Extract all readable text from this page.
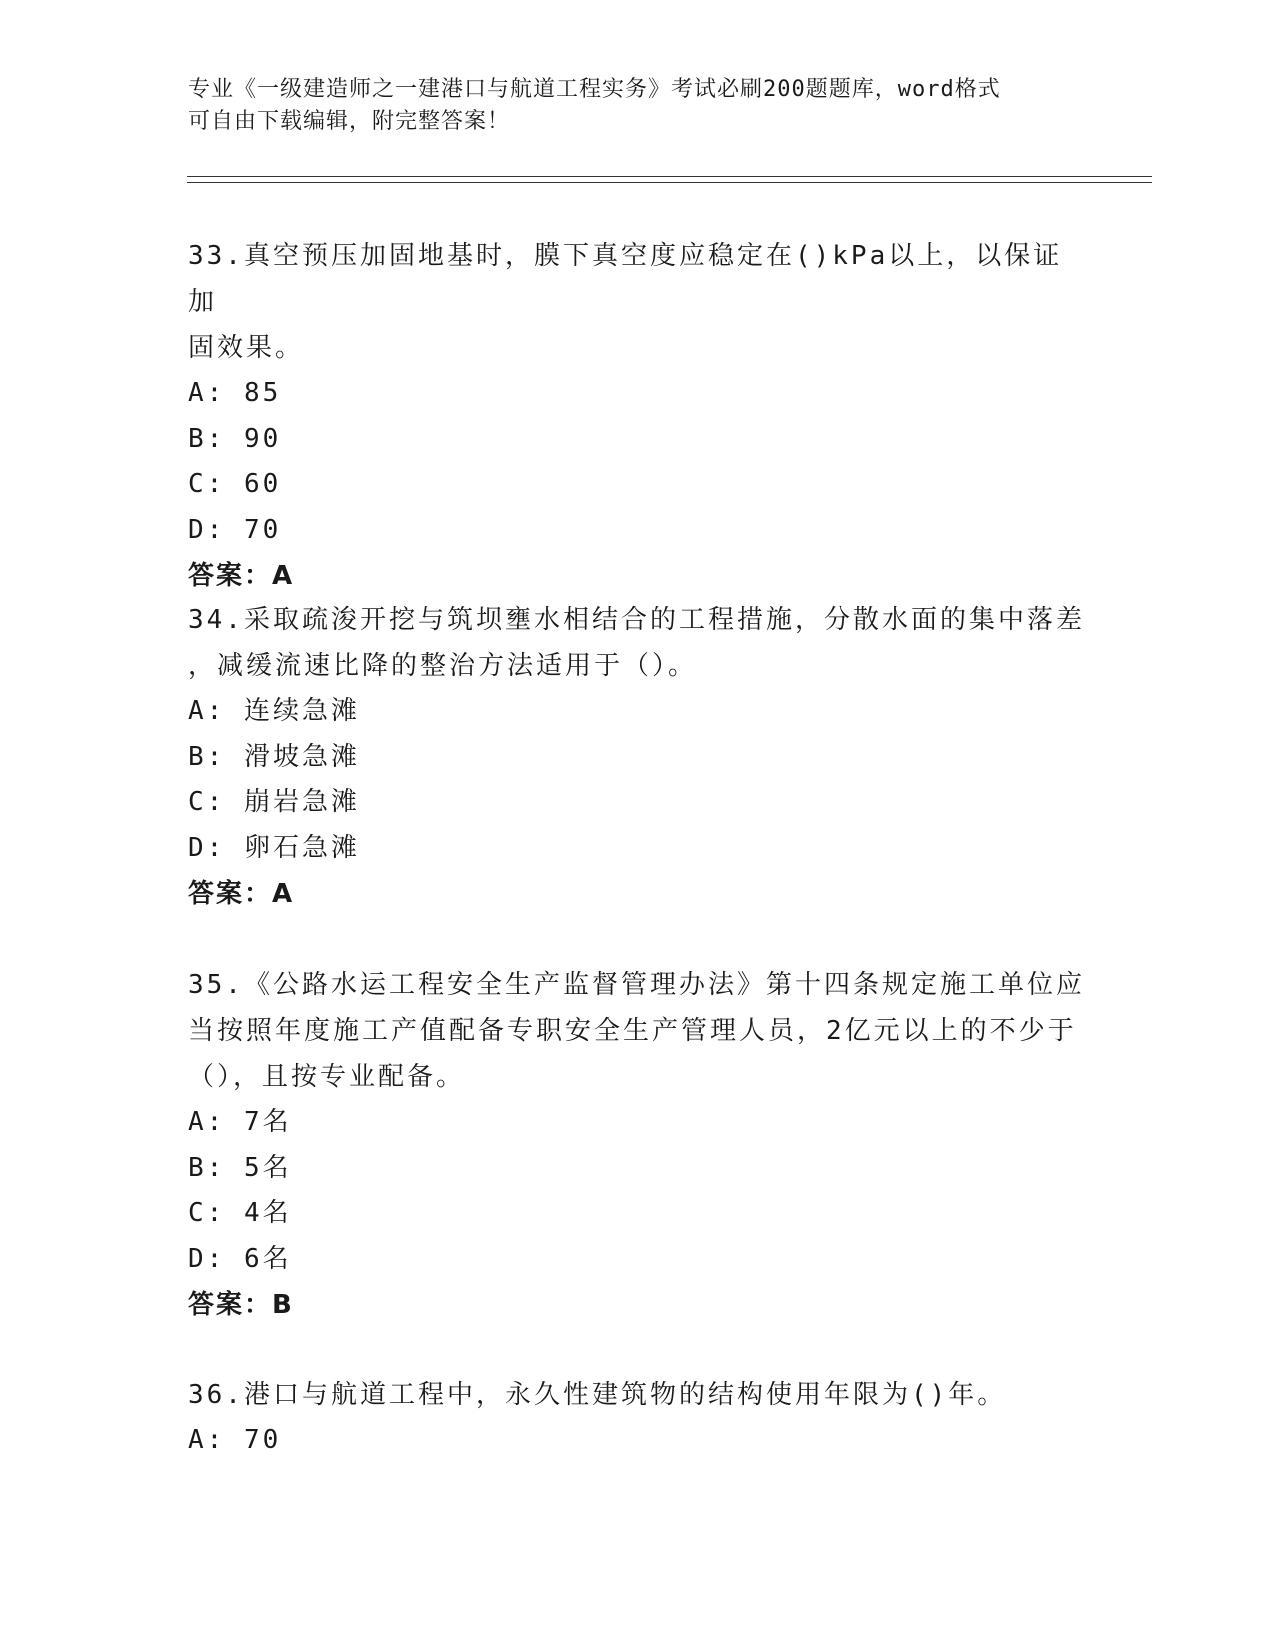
专业《一级建造师之一建港口与航道工程实务》考试必刷200题题库，word格式
可自由下载编辑，附完整答案！

33.真空预压加固地基时，膜下真空度应稳定在()kPa以上，以保证加

固效果。

A: 85

B: 90

C: 60

D: 70

答案：A

34.采取疏浚开挖与筑坝壅水相结合的工程措施，分散水面的集中落差

，减缓流速比降的整治方法适用于（）。

A: 连续急滩

B: 滑坡急滩

C: 崩岩急滩

D: 卵石急滩

答案：A

35.《公路水运工程安全生产监督管理办法》第十四条规定施工单位应

当按照年度施工产值配备专职安全生产管理人员，2亿元以上的不少于

（），且按专业配备。

A: 7名

B: 5名

C: 4名

D: 6名

答案：B

36.港口与航道工程中，永久性建筑物的结构使用年限为()年。

A: 70
